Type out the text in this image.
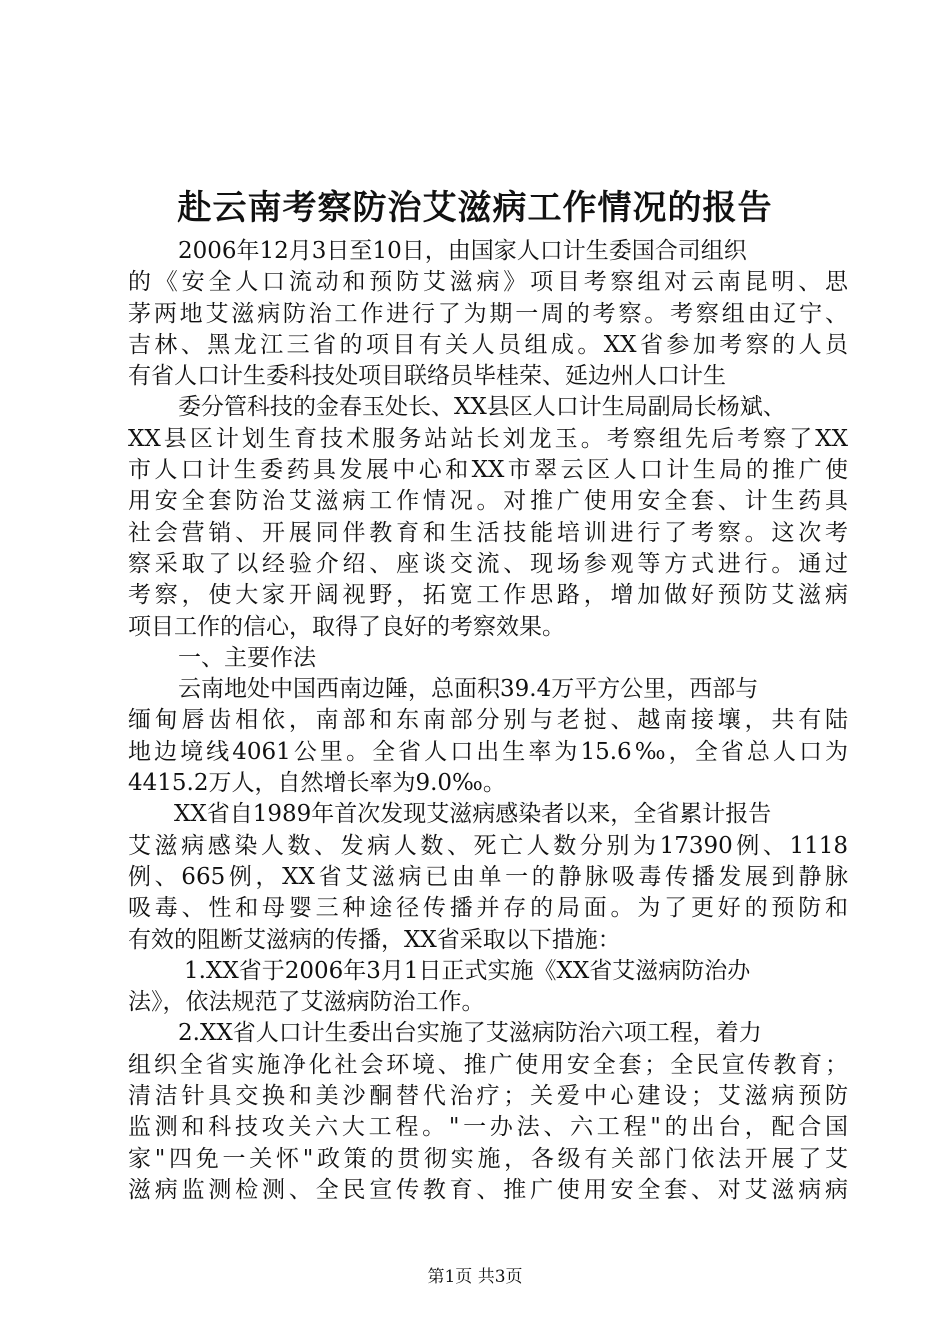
赴云南考察防治艾滋病工作情况的报告
2006年12月3日至10日，由国家人口计生委国合司组织
的《安全人口流动和预防艾滋病》项目考察组对云南昆明、思
茅两地艾滋病防治工作进行了为期一周的考察。考察组由辽宁、
吉林、黑龙江三省的项目有关人员组成。XX省参加考察的人员
有省人口计生委科技处项目联络员毕桂荣、延边州人口计生
委分管科技的金春玉处长、XX县区人口计生局副局长杨斌、
XX县区计划生育技术服务站站长刘龙玉。考察组先后考察了XX
市人口计生委药具发展中心和XX市翠云区人口计生局的推广使
用安全套防治艾滋病工作情况。对推广使用安全套、计生药具
社会营销、开展同伴教育和生活技能培训进行了考察。这次考
察采取了以经验介绍、座谈交流、现场参观等方式进行。通过
考察，使大家开阔视野，拓宽工作思路，增加做好预防艾滋病
项目工作的信心，取得了良好的考察效果。
一、主要作法
云南地处中国西南边陲，总面积39.4万平方公里，西部与
缅甸唇齿相依，南部和东南部分别与老挝、越南接壤，共有陆
地边境线4061公里。全省人口出生率为15.6‰，全省总人口为
4415.2万人，自然增长率为9.0‰。
XX省自1989年首次发现艾滋病感染者以来，全省累计报告
艾滋病感染人数、发病人数、死亡人数分别为17390例、1118
例、665例，XX省艾滋病已由单一的静脉吸毒传播发展到静脉
吸毒、性和母婴三种途径传播并存的局面。为了更好的预防和
有效的阻断艾滋病的传播，XX省采取以下措施：
1.XX省于2006年3月1日正式实施《XX省艾滋病防治办
法》，依法规范了艾滋病防治工作。
2.XX省人口计生委出台实施了艾滋病防治六项工程，着力
组织全省实施净化社会环境、推广使用安全套；全民宣传教育；
清洁针具交换和美沙酮替代治疗；关爱中心建设；艾滋病预防
监测和科技攻关六大工程。"一办法、六工程"的出台，配合国
家"四免一关怀"政策的贯彻实施，各级有关部门依法开展了艾
滋病监测检测、全民宣传教育、推广使用安全套、对艾滋病病
第1页 共3页
